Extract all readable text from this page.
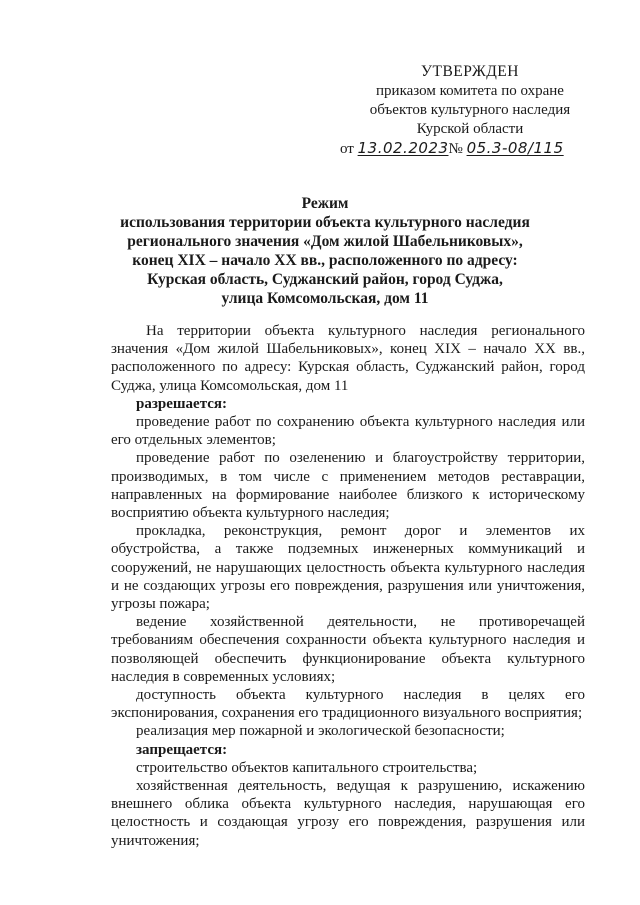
УТВЕРЖДЕН
приказом комитета по охране
объектов культурного наследия
Курской области
от 13.02.2023№ 05.3-08/115
Режим
использования территории объекта культурного наследия
регионального значения «Дом жилой Шабельниковых»,
конец XIX – начало XX вв., расположенного по адресу:
Курская область, Суджанский район, город Суджа,
улица Комсомольская, дом 11

На территории объекта культурного наследия регионального значения «Дом жилой Шабельниковых», конец XIX – начало XX вв., расположенного по адресу: Курская область, Суджанский район, город Суджа, улица Комсомольская, дом 11

разрешается:

проведение работ по сохранению объекта культурного наследия или его отдельных элементов;

проведение работ по озеленению и благоустройству территории, производимых, в том числе с применением методов реставрации, направленных на формирование наиболее близкого к историческому восприятию объекта культурного наследия;

прокладка, реконструкция, ремонт дорог и элементов их обустройства, а также подземных инженерных коммуникаций и сооружений, не нарушающих целостность объекта культурного наследия и не создающих угрозы его повреждения, разрушения или уничтожения, угрозы пожара;

ведение хозяйственной деятельности, не противоречащей требованиям обеспечения сохранности объекта культурного наследия и позволяющей обеспечить функционирование объекта культурного наследия в современных условиях;

доступность объекта культурного наследия в целях его экспонирования, сохранения его традиционного визуального восприятия;

реализация мер пожарной и экологической безопасности;

запрещается:

строительство объектов капитального строительства;

хозяйственная деятельность, ведущая к разрушению, искажению внешнего облика объекта культурного наследия, нарушающая его целостность и создающая угрозу его повреждения, разрушения или уничтожения;
